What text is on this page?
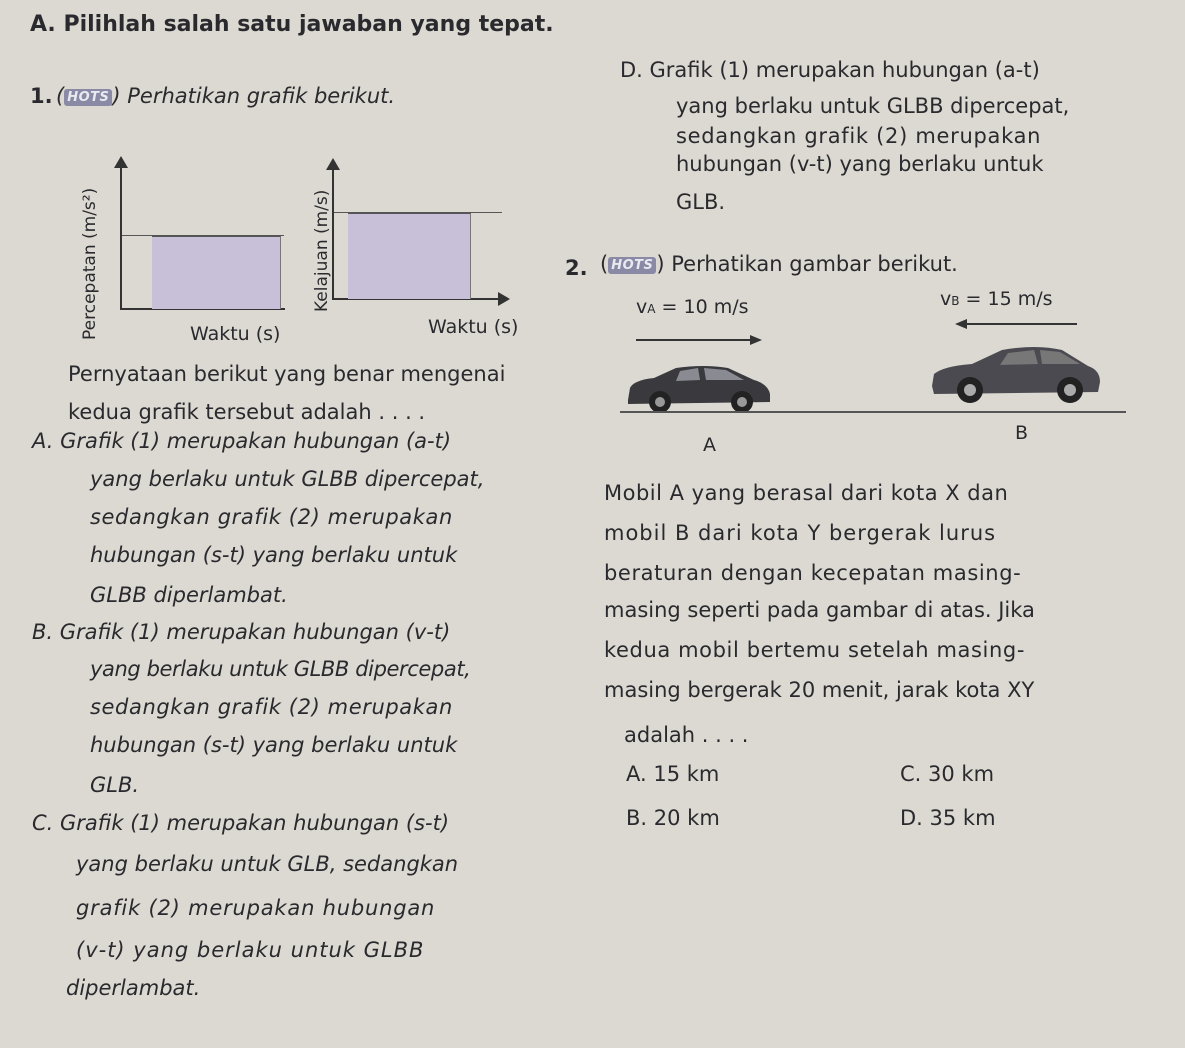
A. Pilihlah salah satu jawaban yang tepat.
1. ( HOTS ) Perhatikan grafik berikut.
Percepatan (m/s²)	Waktu (s)
Kelajuan (m/s)
Waktu (s)
Pernyataan berikut yang benar mengenai
kedua grafik tersebut adalah . . . .
A. Grafik (1) merupakan hubungan (a-t)
yang berlaku untuk GLBB dipercepat,
sedangkan grafik (2) merupakan
hubungan (s-t) yang berlaku untuk
GLBB diperlambat.
B. Grafik (1) merupakan hubungan (v-t)
yang berlaku untuk GLBB dipercepat,
sedangkan grafik (2) merupakan
hubungan (s-t) yang berlaku untuk
GLB.
C. Grafik (1) merupakan hubungan (s-t)
yang berlaku untuk GLB, sedangkan
grafik (2) merupakan hubungan
(v-t) yang berlaku untuk GLBB
diperlambat.
D. Grafik (1) merupakan hubungan (a-t)
yang berlaku untuk GLBB dipercepat,
sedangkan grafik (2) merupakan
hubungan (v-t) yang berlaku untuk
GLB.
2. ( HOTS ) Perhatikan gambar berikut.
vA = 10 m/s	vB = 15 m/s
A
B
Mobil A yang berasal dari kota X dan
mobil B dari kota Y bergerak lurus
beraturan dengan kecepatan masing-
masing seperti pada gambar di atas. Jika
kedua mobil bertemu setelah masing-
masing bergerak 20 menit, jarak kota XY
adalah . . . .
A. 15 km	C. 30 km
B. 20 km	D. 35 km
